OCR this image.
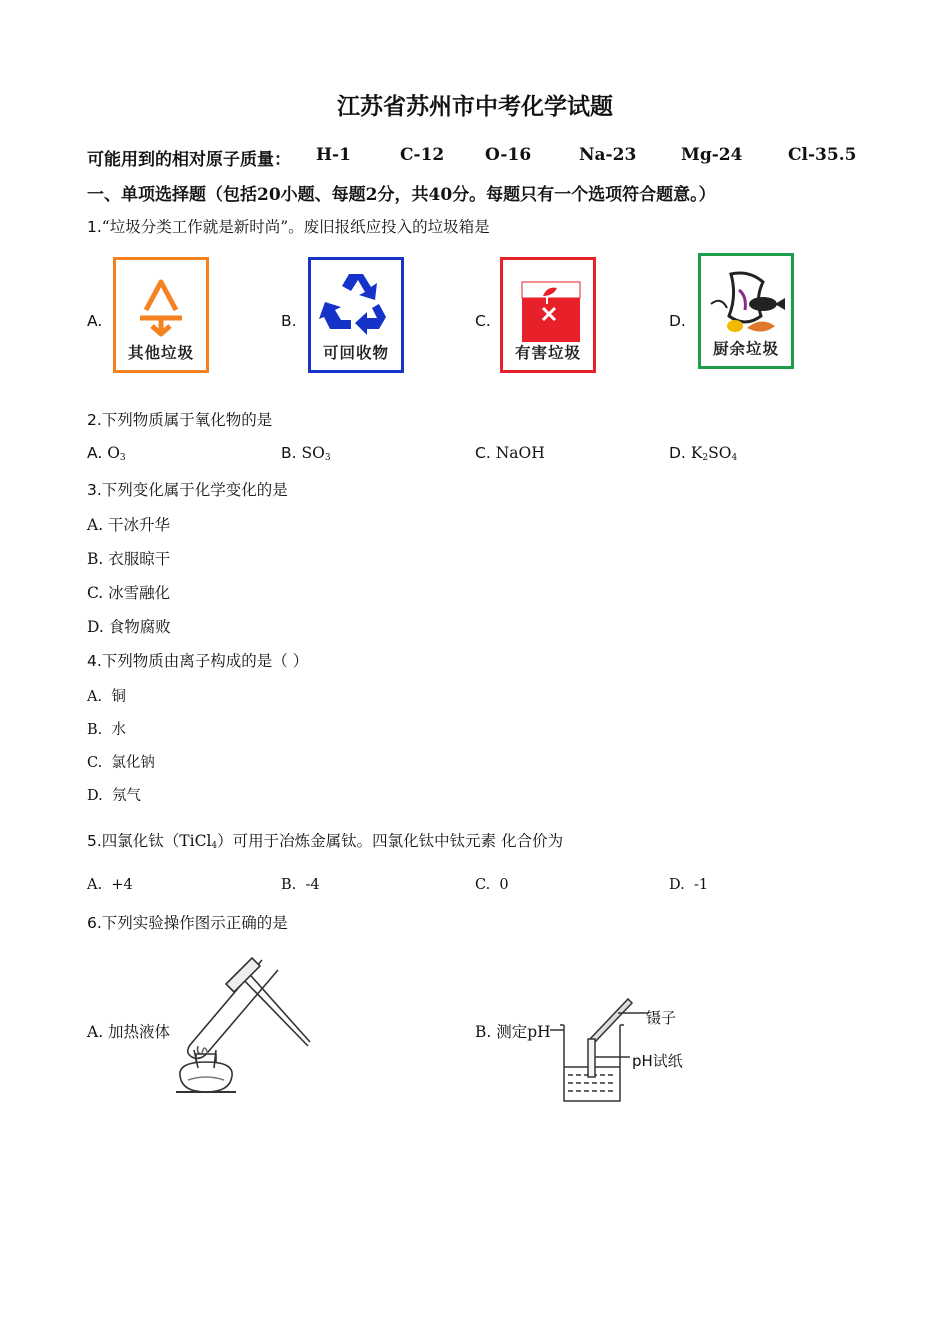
江苏省苏州市中考化学试题
可能用到的相对原子质量： H-1	C-12 O-16	Na-23	Mg-24	Cl-35.5
一、单项选择题（包括20小题、每题2分，共40分。每题只有一个选项符合题意。）
1.“垃圾分类工作就是新时尚”。废旧报纸应投入的垃圾箱是
A.	B.	C.	D.
其他垃圾	可回收物	有害垃圾	厨余垃圾
2.下列物质属于氧化物的是
A. $O_3$	B. $SO_3$	C. NaOH	D. $K_2SO_4$
3.下列变化属于化学变化的是
A. 干冰升华
B. 衣服晾干
C. 冰雪融化
D. 食物腐败
4.下列物质由离子构成的是（ ）
A. 铜
B. 水
C. 氯化钠
D. 氖气
5.四氯化钛（TiCl$_4$）可用于冶炼金属钛。四氯化钛中钛元素 化合价为
A. +4	B. -4	C. 0	D. -1
6.下列实验操作图示正确的是
A. 加热液体	B. 测定pH
镊子
pH试纸
